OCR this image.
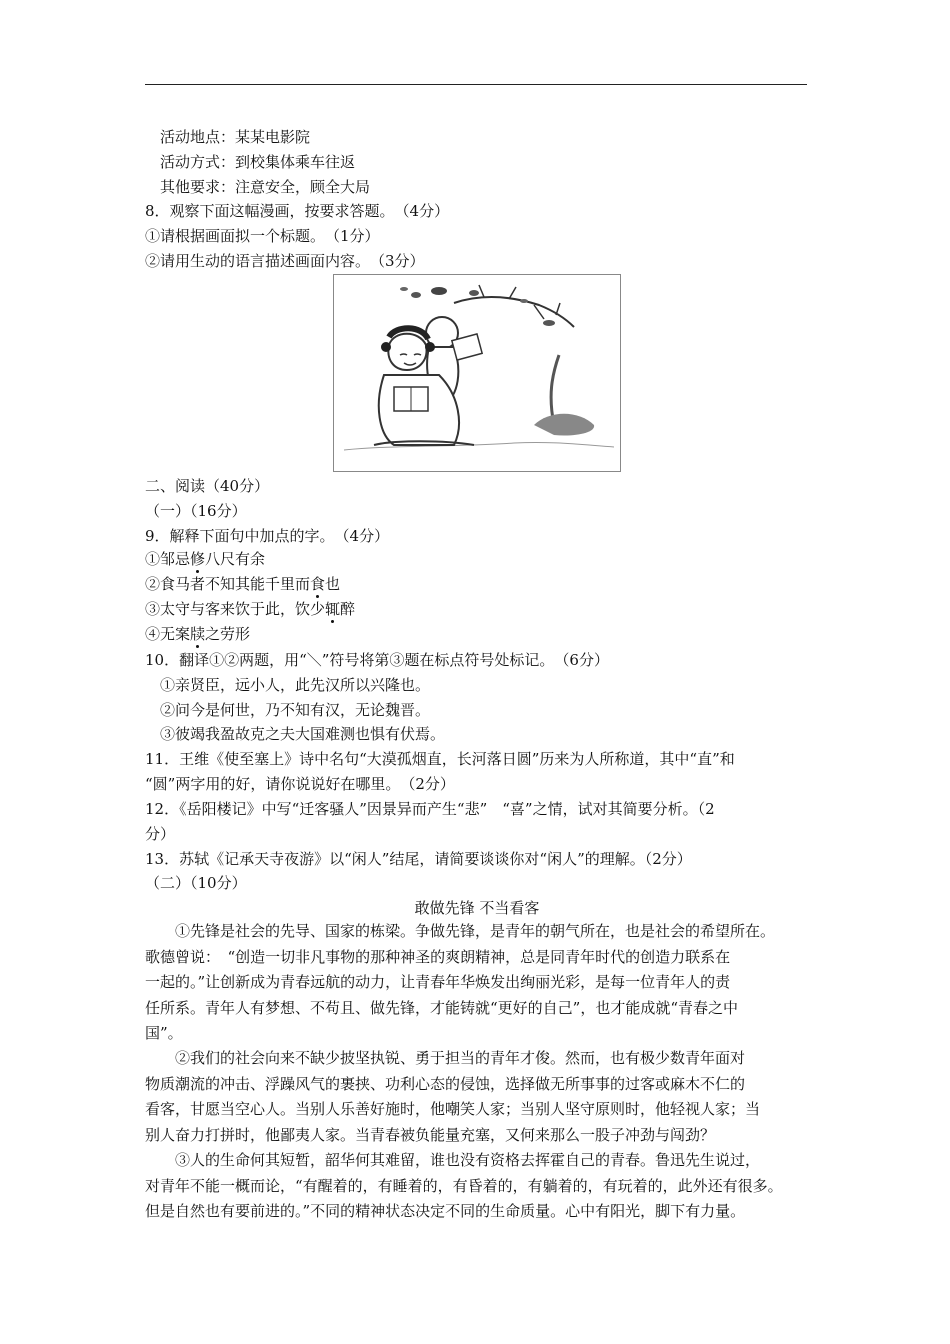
活动地点：某某电影院
活动方式：到校集体乘车往返
其他要求：注意安全，顾全大局
8．观察下面这幅漫画，按要求答题。　（4分）
①请根据画面拟一个标题。　（1分）
②请用生动的语言描述画面内容。　（3分）
二、阅读（40分）
（一）（16分）
9．解释下面句中加点的字。　（4分）
①邹忌修八尺有余
②食马者不知其能千里而食也
③太守与客来饮于此，饮少辄醉
④无案牍之劳形
10．翻译①②两题，用“＼”符号将第③题在标点符号处标记。　（6分）
①亲贤臣，远小人，此先汉所以兴隆也。
②问今是何世，乃不知有汉，无论魏晋。
③彼竭我盈故克之夫大国难测也惧有伏焉。
11．王维《使至塞上》诗中名句“大漠孤烟直，长河落日圆”历来为人所称道，其中“直”和
“圆”两字用的好，请你说说好在哪里。　（2分）
12．《岳阳楼记》中写“迁客骚人”因景异而产生“悲”　“喜”之情，试对其简要分析。（2
分）
13．苏轼《记承天寺夜游》以“闲人”结尾，请简要谈谈你对“闲人”的理解。（2分）
（二）（10分）
敢做先锋 不当看客
　　①先锋是社会的先导、国家的栋梁。争做先锋，是青年的朝气所在，也是社会的希望所在。
歌德曾说：　“创造一切非凡事物的那种神圣的爽朗精神，总是同青年时代的创造力联系在
一起的。”让创新成为青春远航的动力，让青春年华焕发出绚丽光彩，是每一位青年人的责
任所系。青年人有梦想、不苟且、做先锋，才能铸就“更好的自己”，也才能成就“青春之中
国”。
　　②我们的社会向来不缺少披坚执锐、勇于担当的青年才俊。然而，也有极少数青年面对
物质潮流的冲击、浮躁风气的裹挟、功利心态的侵蚀，选择做无所事事的过客或麻木不仁的
看客，甘愿当空心人。当别人乐善好施时，他嘲笑人家；当别人坚守原则时，他轻视人家；当
别人奋力打拼时，他鄙夷人家。当青春被负能量充塞，又何来那么一股子冲劲与闯劲？
　　③人的生命何其短暂，韶华何其难留，谁也没有资格去挥霍自己的青春。鲁迅先生说过，
对青年不能一概而论，“有醒着的，有睡着的，有昏着的，有躺着的，有玩着的，此外还有很多。
但是自然也有要前进的。”不同的精神状态决定不同的生命质量。心中有阳光，脚下有力量。
